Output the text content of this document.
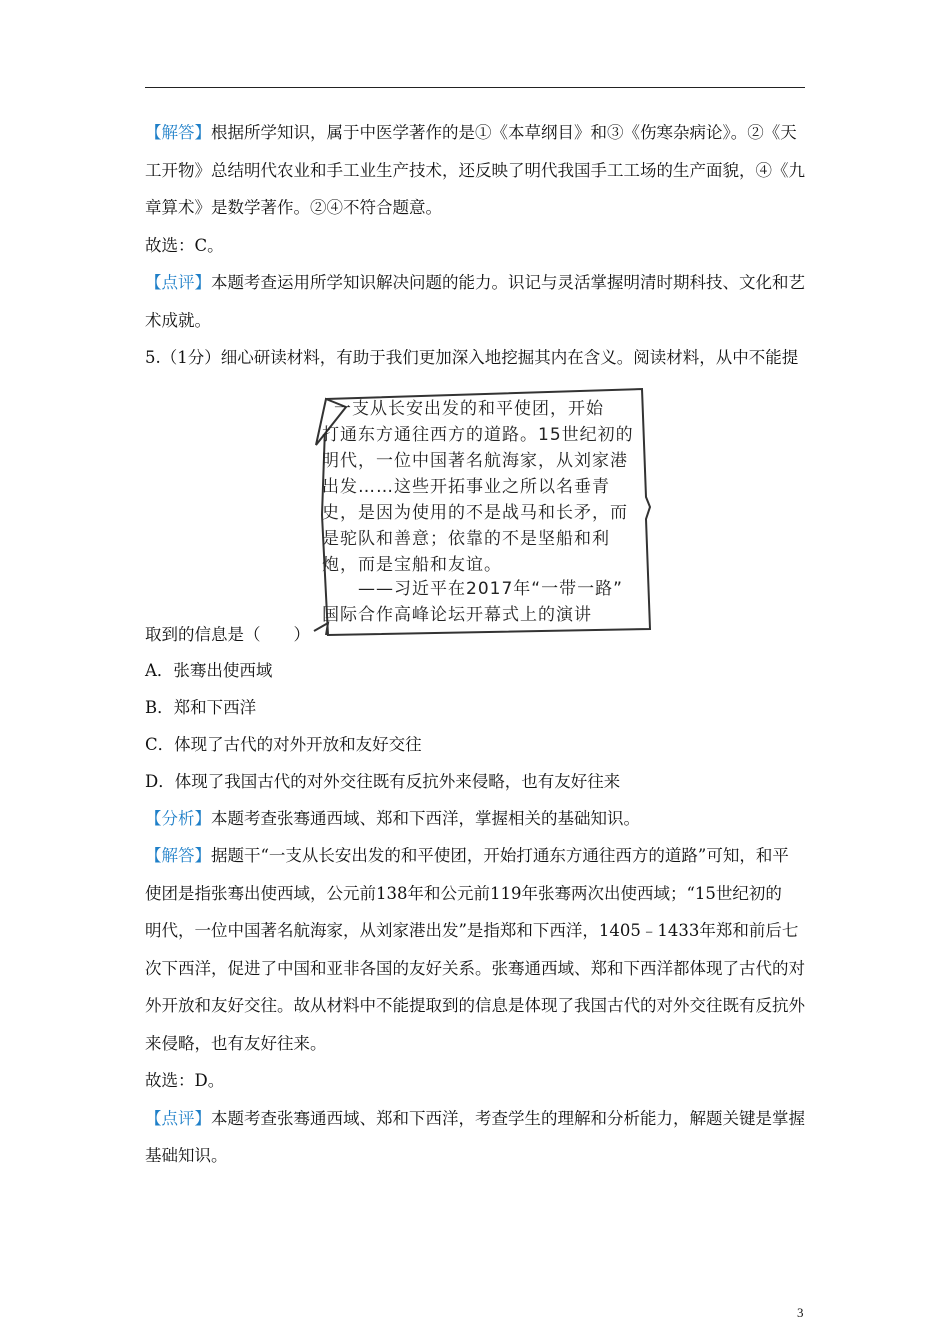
【解答】根据所学知识，属于中医学著作的是①《本草纲目》和③《伤寒杂病论》。②《天
工开物》总结明代农业和手工业生产技术，还反映了明代我国手工工场的生产面貌，④《九
章算术》是数学著作。②④不符合题意。
故选：C。
【点评】本题考查运用所学知识解决问题的能力。识记与灵活掌握明清时期科技、文化和艺
术成就。
5.（1分）细心研读材料，有助于我们更加深入地挖掘其内在含义。阅读材料，从中不能提
一支从长安出发的和平使团，开始
打通东方通往西方的道路。15世纪初的
明代，一位中国著名航海家，从刘家港
出发……这些开拓事业之所以名垂青
史，是因为使用的不是战马和长矛，而
是驼队和善意；依靠的不是坚船和利
炮，而是宝船和友谊。
——习近平在2017年“一带一路”
国际合作高峰论坛开幕式上的演讲
取到的信息是（　　）
A．张骞出使西域
B．郑和下西洋
C．体现了古代的对外开放和友好交往
D．体现了我国古代的对外交往既有反抗外来侵略，也有友好往来
【分析】本题考查张骞通西域、郑和下西洋，掌握相关的基础知识。
【解答】据题干“一支从长安出发的和平使团，开始打通东方通往西方的道路”可知，和平
使团是指张骞出使西域，公元前138年和公元前119年张骞两次出使西域；“15世纪初的
明代，一位中国著名航海家，从刘家港出发”是指郑和下西洋，1405﹣1433年郑和前后七
次下西洋，促进了中国和亚非各国的友好关系。张骞通西域、郑和下西洋都体现了古代的对
外开放和友好交往。故从材料中不能提取到的信息是体现了我国古代的对外交往既有反抗外
来侵略，也有友好往来。
故选：D。
【点评】本题考查张骞通西域、郑和下西洋，考查学生的理解和分析能力，解题关键是掌握
基础知识。
3
